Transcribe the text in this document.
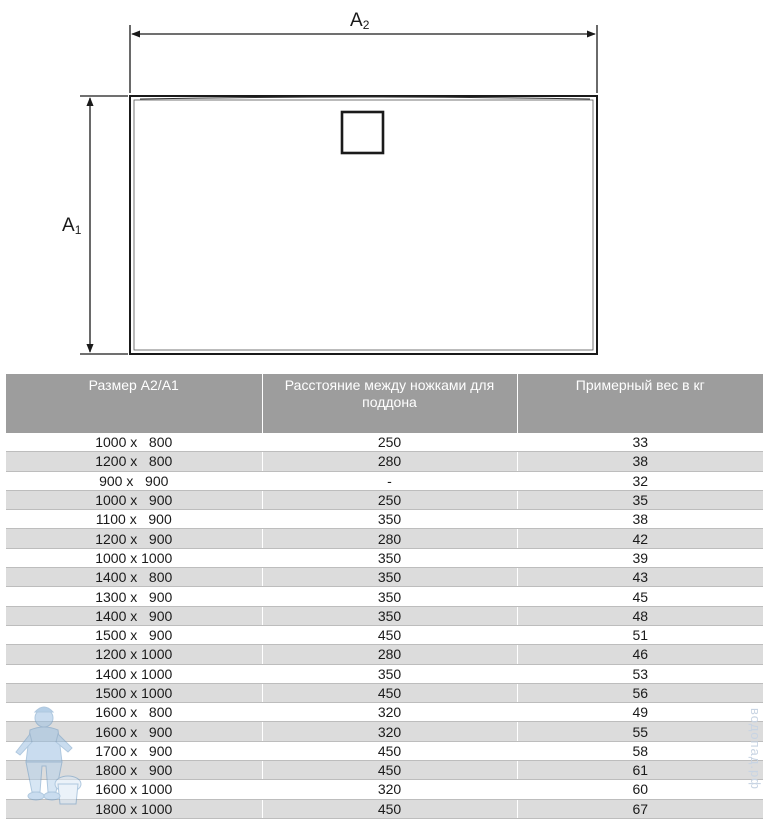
$A_2$
$A_1$
Размер А2/А1	Расстояние между ножками для поддона	Примерный вес в кг
1000 х   800	250	33
1200 х   800	280	38
900 х   900	-	32
1000 х   900	250	35
1100 х   900	350	38
1200 х   900	280	42
1000 х 1000	350	39
1400 х   800	350	43
1300 х   900	350	45
1400 х   900	350	48
1500 х   900	450	51
1200 х 1000	280	46
1400 х 1000	350	53
1500 х 1000	450	56
1600 х   800	320	49
1600 х   900	320	55
1700 х   900	450	58
1800 х   900	450	61
1600 х 1000	320	60
1800 х 1000	450	67
водопад.рф
